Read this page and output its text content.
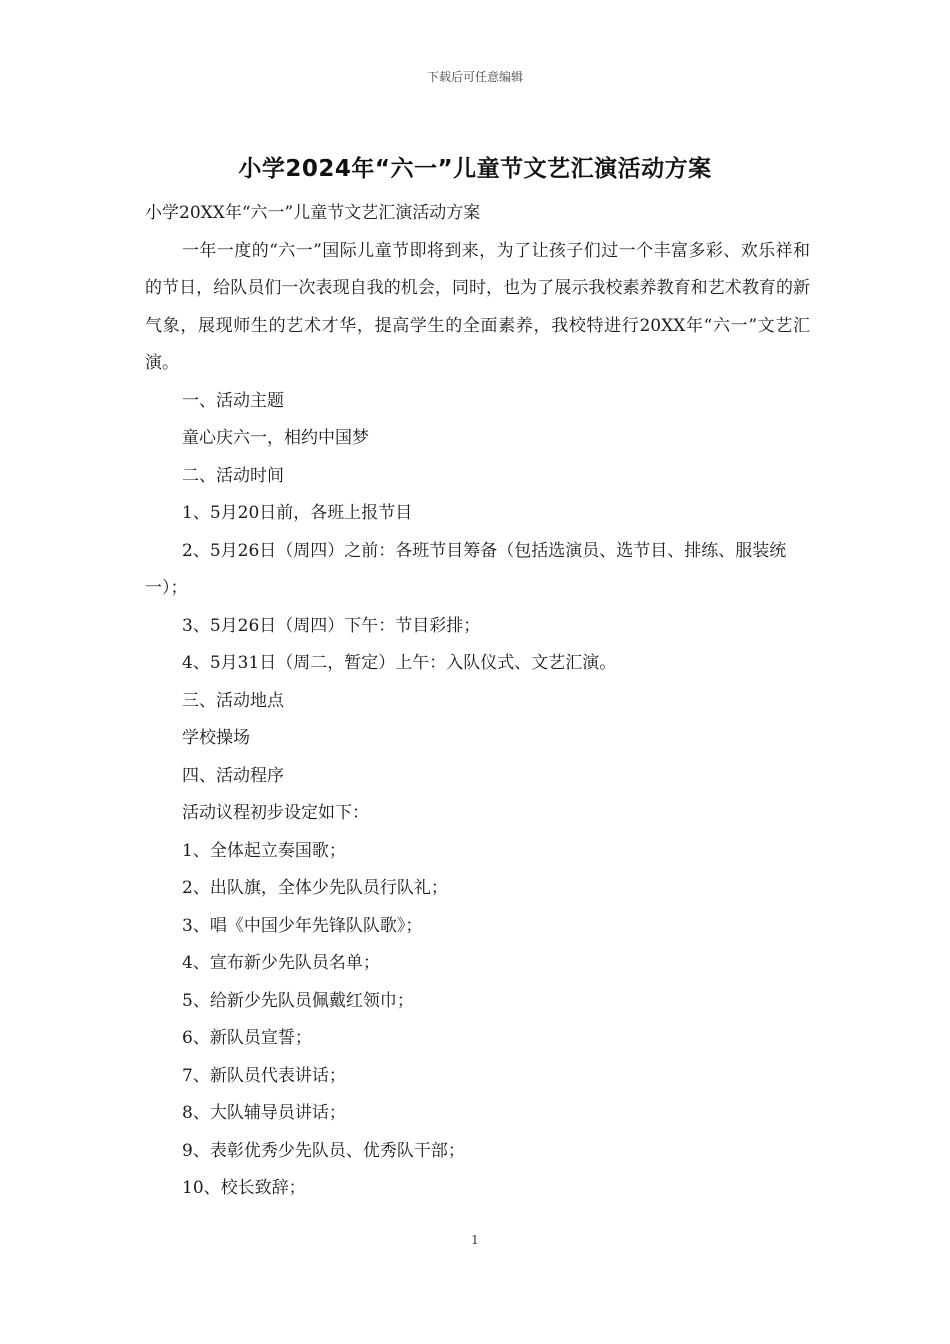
下载后可任意编辑
小学2024年“六一”儿童节文艺汇演活动方案

小学20XX年“六一”儿童节文艺汇演活动方案

一年一度的“六一”国际儿童节即将到来，为了让孩子们过一个丰富多彩、欢乐祥和的节日，给队员们一次表现自我的机会，同时，也为了展示我校素养教育和艺术教育的新气象，展现师生的艺术才华，提高学生的全面素养，我校特进行20XX年“六一”文艺汇演。

一、活动主题

童心庆六一，相约中国梦

二、活动时间

1、5月20日前，各班上报节目

2、5月26日（周四）之前：各班节目筹备（包括选演员、选节目、排练、服装统一）；

3、5月26日（周四）下午：节目彩排；

4、5月31日（周二，暂定）上午：入队仪式、文艺汇演。

三、活动地点

学校操场

四、活动程序

活动议程初步设定如下：

1、全体起立奏国歌；

2、出队旗，全体少先队员行队礼；

3、唱《中国少年先锋队队歌》；

4、宣布新少先队员名单；

5、给新少先队员佩戴红领巾；

6、新队员宣誓；

7、新队员代表讲话；

8、大队辅导员讲话；

9、表彰优秀少先队员、优秀队干部；

10、校长致辞；

1
